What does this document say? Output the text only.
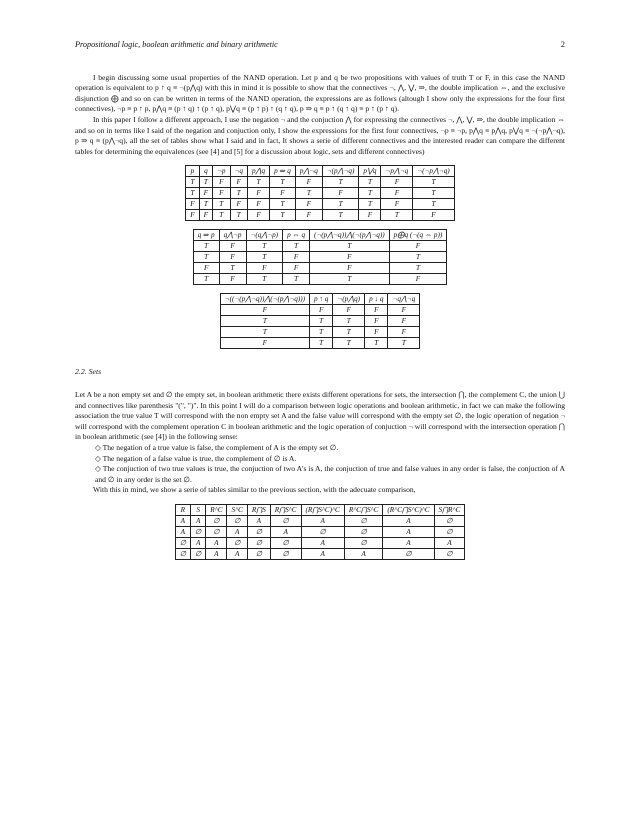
Propositional logic, boolean arithmetic and binary arithmetic	2

I begin discussing some usual properties of the NAND operation. Let p and q be two propositions with values of truth T or F, in this case the NAND operation is equivalent to p ↑ q ≡ ¬(p⋀q) with this in mind it is possible to show that the connectives ¬, ⋀, ⋁, ⇒, the double implication ⇔, and the exclusive disjunction ⨁ and so on can be written in terms of the NAND operation, the expressions are as follows (altough I show only the expressions for the four first connectives), ¬p ≡ p ↑ p, p⋀q ≡ (p ↑ q) ↑ (p ↑ q), p⋁q ≡ (p ↑ p) ↑ (q ↑ q), p ⇒ q ≡ p ↑ (q ↑ q) ≡ p ↑ (p ↑ q).

In this paper I follow a different approach, I use the negation ¬ and the conjuction ⋀ for expressing the connectives ¬, ⋀, ⋁, ⇒, the double implication ⇔ and so on in terms like I said of the negation and conjuction only, I show the expressions for the first four connectives, ¬p ≡ ¬p, p⋀q ≡ p⋀q, p⋁q ≡ ¬(¬p⋀¬q), p ⇒ q ≡ (p⋀¬q), all the set of tables show what I said and in fact, It shows a serie of different connectives and the interested reader can compare the different tables for determining the equivalences (see [4] and [5] for a discussion about logic, sets and different connectives)

p	q	¬p	¬q	p⋀q	p ⇒ q	p⋀¬q	¬(p⋀¬q)	p⋁q	¬p⋀¬q	¬(¬p⋀¬q)
T	T	F	F	T	T	F	T	T	F	T
T	F	F	T	F	F	T	F	T	F	T
F	T	T	F	F	T	F	T	T	F	T
F	F	T	T	F	T	F	T	F	T	F
q ⇒ p	q⋀¬p	¬(q⋀¬p)	p ⇔ q	(¬(p⋀¬q))⋀(¬(p⋀¬q))	p⨁q (¬(q ⇔ p))
T	F	T	T	T	F
T	F	T	F	F	T
F	T	F	F	F	T
T	F	T	T	T	F
¬((¬(p⋀¬q))⋀(¬(p⋀¬q)))	p ↑ q	¬(p⋀q)	p ↓ q	¬q⋀¬q
F	F	F	F	F
T	T	T	F	F
T	T	T	F	F
F	T	T	T	T
2.2. Sets

Let A be a non empty set and ∅ the empty set, in boolean arithmetic there exists different operations for sets, the intersection ⋂, the complement C, the union ⋃ and connectives like parenthesis "(", ")". In this point I will do a comparison between logic operations and boolean arithmetic, in fact we can make the following association the true value T will correspond with the non empty set A and the false value will correspond with the empty set ∅, the logic operation of negation ¬ will correspond with the complement operation C in boolean arithmetic and the logic operation of conjuction ¬ will correspond with the intersection operation ⋂ in boolean arithmetic (see [4]) in the following sense:

◇ The negation of a true value is false, the complement of A is the empty set ∅.

◇ The negation of a false value is true, the complement of ∅ is A.

◇ The conjuction of two true values is true, the conjuction of two A's is A, the conjuction of true and false values in any order is false, the conjuction of A and ∅ in any order is the set ∅.

With this in mind, we show a serie of tables similar to the previous section, with the adecuate comparison,

R	S	R^C	S^C	R⋂S	R⋂S^C	(R⋂S^C)^C	R^C⋂S^C	(R^C⋂S^C)^C	S⋂R^C
A	A	∅	∅	A	∅	A	∅	A	∅
A	∅	∅	A	∅	A	∅	∅	A	∅
∅	A	A	∅	∅	∅	A	∅	A	A
∅	∅	A	A	∅	∅	A	A	∅	∅
